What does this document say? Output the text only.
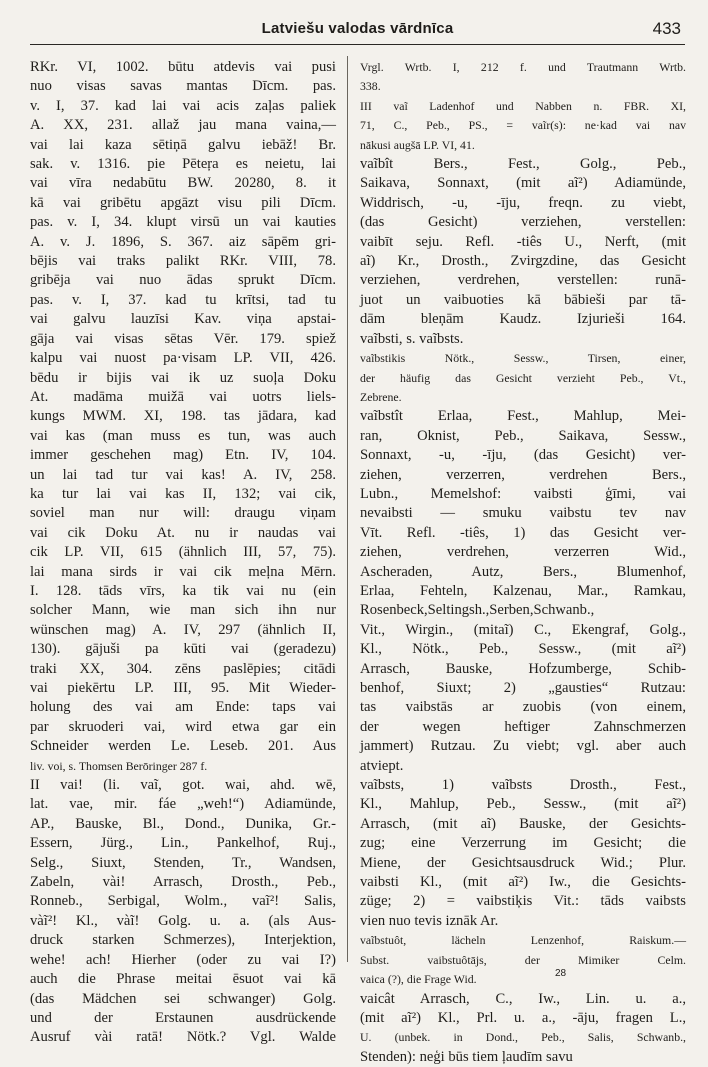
Latviešu valodas vārdnīca	433
RKr. VI, 1002. būtu atdevis vai pusi
nuo visas savas mantas Dīcm. pas.
v. I, 37. kad lai vai acis zaļas paliek
A. XX, 231. allaž jau mana vaina,—
vai lai kaza sētiņā galvu iebāž! Br.
sak. v. 1316. pie Pēteŗa es neietu, lai
vai vīra nedabūtu BW. 20280, 8. it
kā vai gribētu apgāzt visu pili Dīcm.
pas. v. I, 34. klupt virsū un vai kauties
A. v. J. 1896, S. 367. aiz sāpēm gri-
bējis vai traks palikt RKr. VIII, 78.
gribēja vai nuo ādas sprukt Dīcm.
pas. v. I, 37. kad tu krītsi, tad tu
vai galvu lauzīsi Kav. viņa apstai-
gāja vai visas sētas Vēr. 179. spiež
kalpu vai nuost pa·visam LP. VII, 426.
bēdu ir bijis vai ik uz suoļa Doku
At. madāma muižā vai uotrs liels-
kungs MWM. XI, 198. tas jādara, kad
vai kas (man muss es tun, was auch
immer geschehen mag) Etn. IV, 104.
un lai tad tur vai kas! A. IV, 258.
ka tur lai vai kas II, 132; vai cik,
soviel man nur will: draugu viņam
vai cik Doku At. nu ir naudas vai
cik LP. VII, 615 (ähnlich III, 57, 75).
lai mana sirds ir vai cik meļna Mērn.
I. 128. tāds vīrs, ka tik vai nu (ein
solcher Mann, wie man sich ihn nur
wünschen mag) A. IV, 297 (ähnlich II,
130). gājuši pa kūti vai (geradezu)
traki XX, 304. zēns paslēpies; citādi
vai piekērtu LP. III, 95. Mit Wieder-
holung des vai am Ende: taps vai
par skruoderi vai, wird etwa gar ein
Schneider werden Le. Leseb. 201. Aus
liv. voi, s. Thomsen Berōringer 287 f.
II vai! (li. vaĩ, got. wai, ahd. wē,
lat. vae, mir. fáe „weh!“) Adiamünde,
AP., Bauske, Bl., Dond., Dunika, Gr.-
Essern, Jürg., Lin., Pankelhof, Ruj.,
Selg., Siuxt, Stenden, Tr., Wandsen,
Zabeln, vài! Arrasch, Drosth., Peb.,
Ronneb., Serbigal, Wolm., vaĩ²! Salis,
vàĩ²! Kl., vàĩ! Golg. u. a. (als Aus-
druck starken Schmerzes), Interjektion,
wehe! ach! Hierher (oder zu vai I?)
auch die Phrase meitai ēsuot vai kā
(das Mädchen sei schwanger) Golg.
und der Erstaunen ausdrückende
Ausruf vài ratā! Nötk.? Vgl. Walde
Vrgl. Wrtb. I, 212 f. und Trautmann Wrtb.
338.
III vaĩ Ladenhof und Nabben n. FBR. XI,
71, C., Peb., PS., = vaĩr(s): ne·kad vai nav
nākusi augšā LP. VI, 41.
vaĩbît Bers., Fest., Golg., Peb.,
Saikava, Sonnaxt, (mit aĩ²) Adiamünde,
Widdrisch, -u, -īju, freqn. zu viebt,
(das Gesicht) verziehen, verstellen:
vaibīt seju. Refl. -tiês U., Nerft, (mit
aĩ) Kr., Drosth., Zvirgzdine, das Gesicht
verziehen, verdrehen, verstellen: runā-
juot un vaibuoties kā bābieši par tā-
dām bleņām Kaudz. Izjurieši 164.
vaĩbsti, s. vaĩbsts.
vaĩbstikis Nötk., Sessw., Tirsen, einer,
der häufig das Gesicht verzieht Peb., Vt.,
Zebrene.
vaĩbstît Erlaa, Fest., Mahlup, Mei-
ran, Oknist, Peb., Saikava, Sessw.,
Sonnaxt, -u, -īju, (das Gesicht) ver-
ziehen, verzerren, verdrehen Bers.,
Lubn., Memelshof: vaibsti ģīmi, vai
nevaibsti — smuku vaibstu tev nav
Vīt. Refl. -tiês, 1) das Gesicht ver-
ziehen, verdrehen, verzerren Wid.,
Ascheraden, Autz, Bers., Blumenhof,
Erlaa, Fehteln, Kalzenau, Mar., Ramkau,
Rosenbeck,Seltingsh.,Serben,Schwanb.,
Vit., Wirgin., (mitaĩ) C., Ekengraf, Golg.,
Kl., Nötk., Peb., Sessw., (mit aĩ²)
Arrasch, Bauske, Hofzumberge, Schib-
benhof, Siuxt; 2) „gausties“ Rutzau:
tas vaibstās ar zuobis (von einem,
der wegen heftiger Zahnschmerzen
jammert) Rutzau. Zu viebt; vgl. aber auch
atviept.
vaĩbsts, 1) vaĩbsts Drosth., Fest.,
Kl., Mahlup, Peb., Sessw., (mit aĩ²)
Arrasch, (mit aĩ) Bauske, der Gesichts-
zug; eine Verzerrung im Gesicht; die
Miene, der Gesichtsausdruck Wid.; Plur.
vaibsti Kl., (mit aĩ²) Iw., die Gesichts-
züge; 2) = vaibstiķis Vit.: tāds vaibsts
vien nuo tevis iznāk Ar.
vaĩbstuôt, lächeln Lenzenhof, Raiskum.—
Subst. vaibstuôtājs, der Mimiker Celm.
vaica (?), die Frage Wid.
vaicât Arrasch, C., Iw., Lin. u. a.,
(mit aĩ²) Kl., Prl. u. a., -āju, fragen L.,
U. (unbek. in Dond., Peb., Salis, Schwanb.,
Stenden): neģi būs tiem ļaudīm savu
28
